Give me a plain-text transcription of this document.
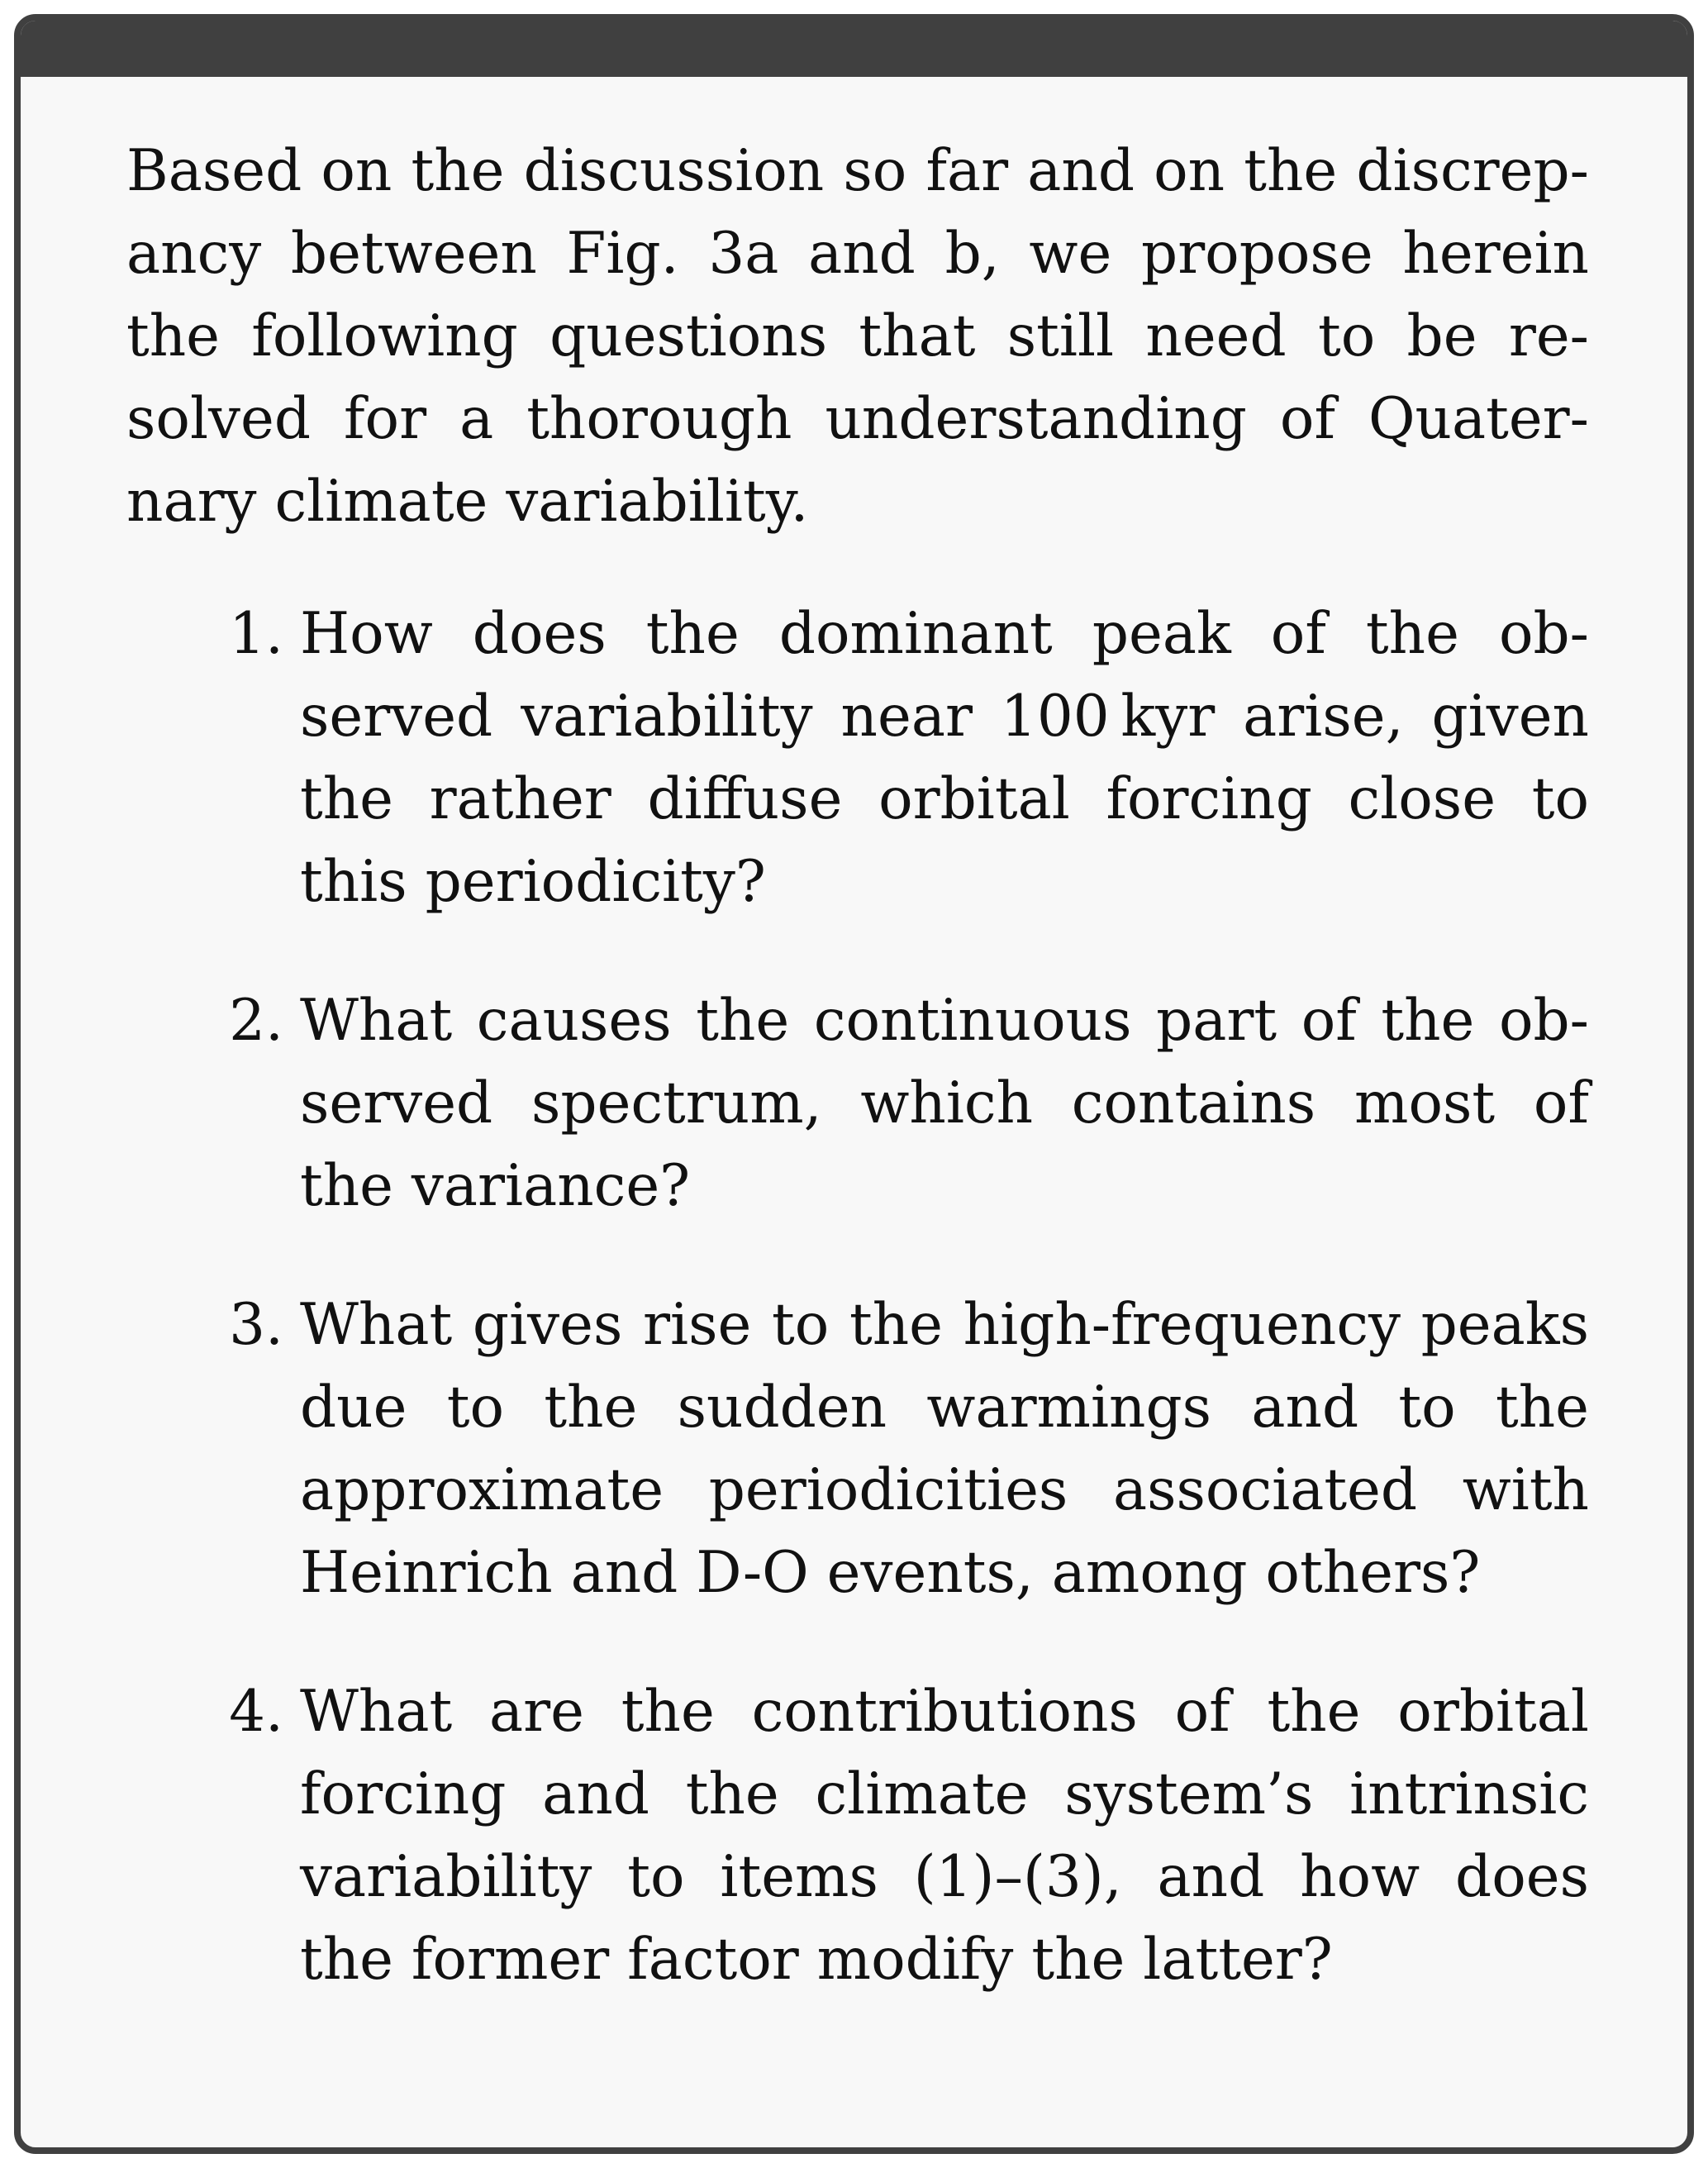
Based on the discussion so far and on the discrepancy between Fig. 3a and b, we propose herein the following questions that still need to be resolved for a thorough understanding of Quaternary climate variability.

1. How does the dominant peak of the observed variability near 100 kyr arise, given the rather diffuse orbital forcing close to this periodicity?
2. What causes the continuous part of the observed spectrum, which contains most of the variance?
3. What gives rise to the high-frequency peaks due to the sudden warmings and to the approximate periodicities associated with Heinrich and D-O events, among others?
4. What are the contributions of the orbital forcing and the climate system’s intrinsic variability to items (1)–(3), and how does the former factor modify the latter?
